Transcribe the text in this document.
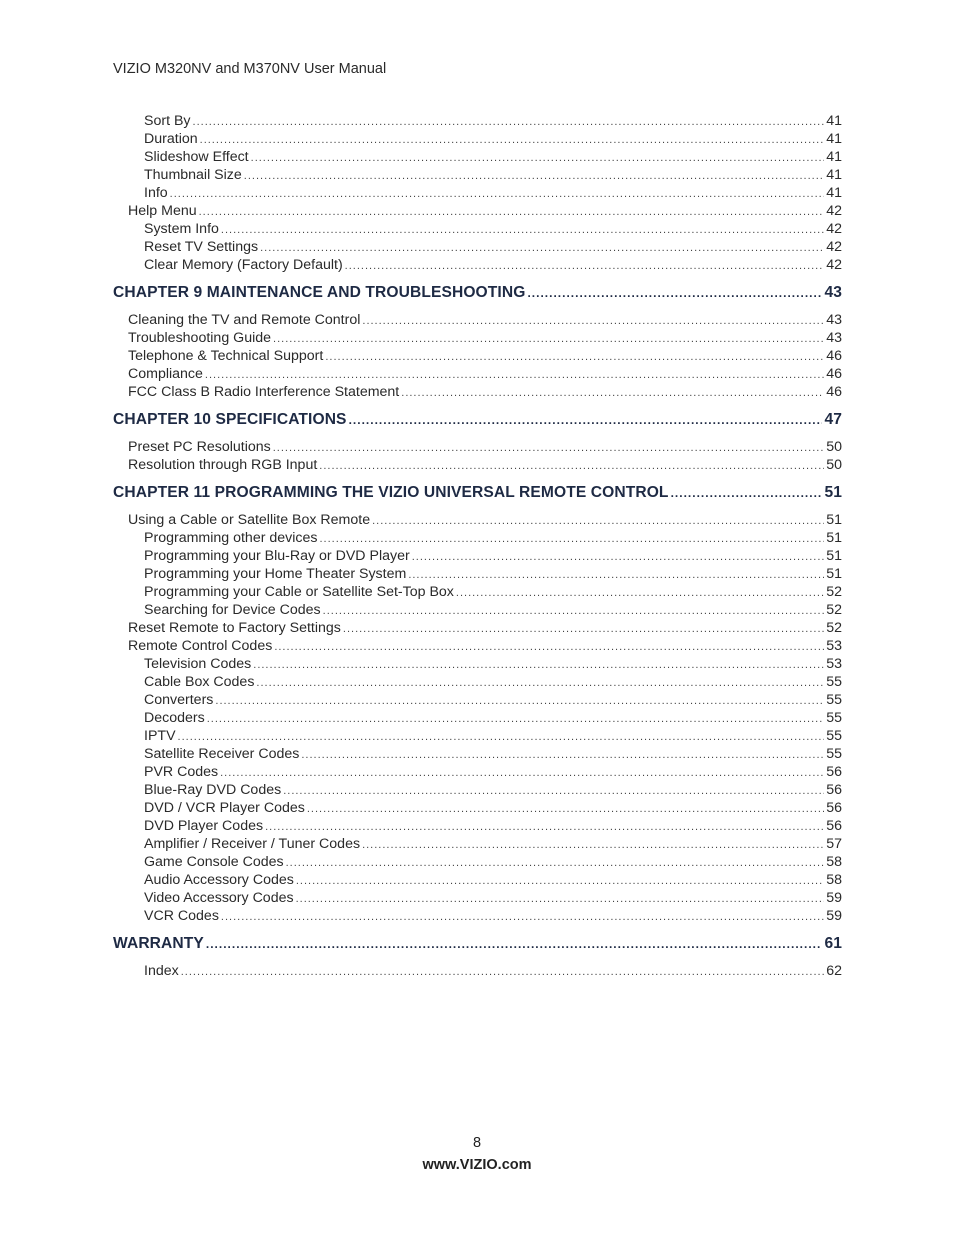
VIZIO M320NV and M370NV User Manual
Sort By .....	41
Duration .....	41
Slideshow Effect .....	41
Thumbnail Size .....	41
Info .....	41
Help Menu .....	42
System Info .....	42
Reset TV Settings .....	42
Clear Memory (Factory Default) .....	42
CHAPTER 9 MAINTENANCE AND TROUBLESHOOTING .....	43
Cleaning the TV and Remote Control .....	43
Troubleshooting Guide .....	43
Telephone & Technical Support .....	46
Compliance .....	46
FCC Class B Radio Interference Statement .....	46
CHAPTER 10 SPECIFICATIONS .....	47
Preset PC Resolutions .....	50
Resolution through RGB Input .....	50
CHAPTER 11 PROGRAMMING THE VIZIO UNIVERSAL REMOTE CONTROL .....	51
Using a Cable or Satellite Box Remote .....	51
Programming other devices .....	51
Programming your Blu-Ray or DVD Player .....	51
Programming your Home Theater System .....	51
Programming your Cable or Satellite Set-Top Box .....	52
Searching for Device Codes .....	52
Reset Remote to Factory Settings .....	52
Remote Control Codes .....	53
Television Codes .....	53
Cable Box Codes .....	55
Converters .....	55
Decoders .....	55
IPTV .....	55
Satellite Receiver Codes .....	55
PVR Codes .....	56
Blue-Ray DVD Codes .....	56
DVD / VCR Player Codes .....	56
DVD Player Codes .....	56
Amplifier / Receiver / Tuner Codes .....	57
Game Console Codes .....	58
Audio Accessory Codes .....	58
Video Accessory Codes .....	59
VCR Codes .....	59
WARRANTY .....	61
Index .....	62
8
www.VIZIO.com
